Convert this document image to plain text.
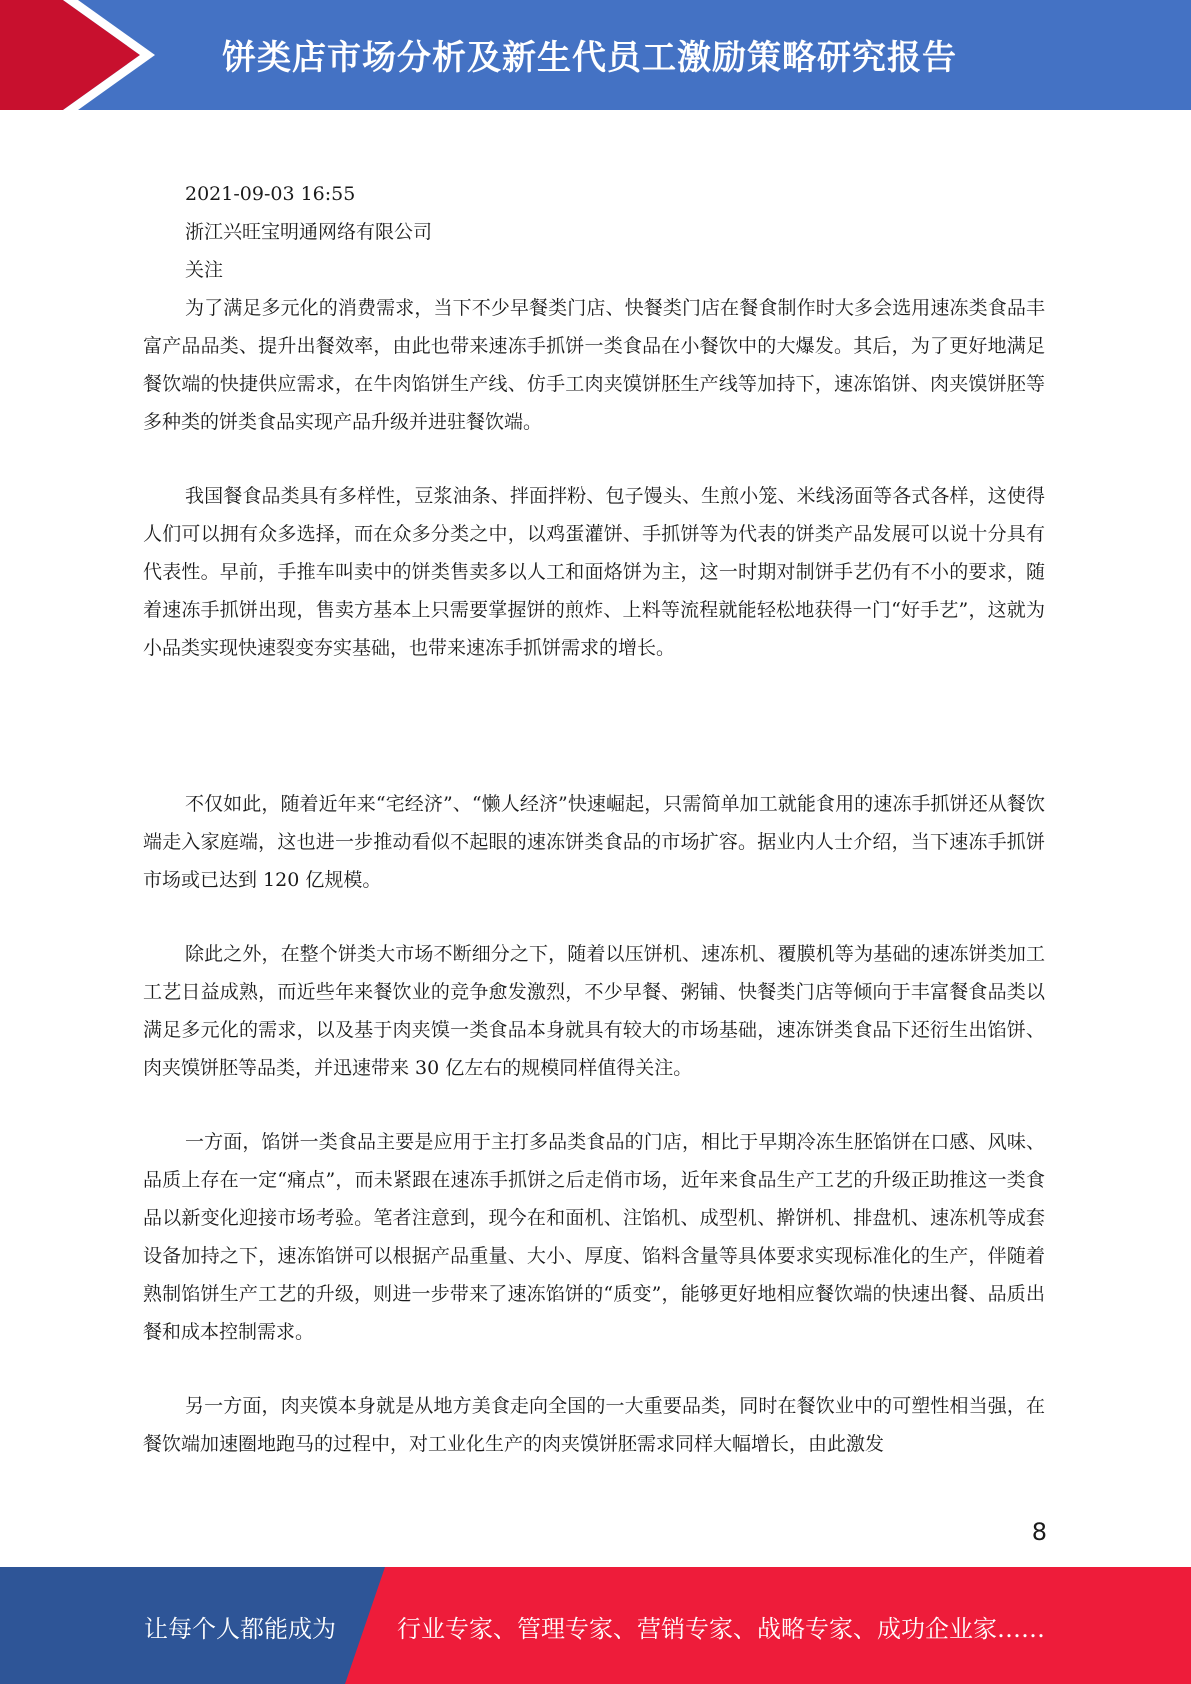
饼类店市场分析及新生代员工激励策略研究报告

2021-09-03 16:55

浙江兴旺宝明通网络有限公司

关注

为了满足多元化的消费需求，当下不少早餐类门店、快餐类门店在餐食制作时大多会选用速冻类食品丰富产品品类、提升出餐效率，由此也带来速冻手抓饼一类食品在小餐饮中的大爆发。其后，为了更好地满足餐饮端的快捷供应需求，在牛肉馅饼生产线、仿手工肉夹馍饼胚生产线等加持下，速冻馅饼、肉夹馍饼胚等多种类的饼类食品实现产品升级并进驻餐饮端。

我国餐食品类具有多样性，豆浆油条、拌面拌粉、包子馒头、生煎小笼、米线汤面等各式各样，这使得人们可以拥有众多选择，而在众多分类之中，以鸡蛋灌饼、手抓饼等为代表的饼类产品发展可以说十分具有代表性。早前，手推车叫卖中的饼类售卖多以人工和面烙饼为主，这一时期对制饼手艺仍有不小的要求，随着速冻手抓饼出现，售卖方基本上只需要掌握饼的煎炸、上料等流程就能轻松地获得一门“好手艺”，这就为小品类实现快速裂变夯实基础，也带来速冻手抓饼需求的增长。

不仅如此，随着近年来“宅经济”、“懒人经济”快速崛起，只需简单加工就能食用的速冻手抓饼还从餐饮端走入家庭端，这也进一步推动看似不起眼的速冻饼类食品的市场扩容。据业内人士介绍，当下速冻手抓饼市场或已达到 120 亿规模。

除此之外，在整个饼类大市场不断细分之下，随着以压饼机、速冻机、覆膜机等为基础的速冻饼类加工工艺日益成熟，而近些年来餐饮业的竞争愈发激烈，不少早餐、粥铺、快餐类门店等倾向于丰富餐食品类以满足多元化的需求，以及基于肉夹馍一类食品本身就具有较大的市场基础，速冻饼类食品下还衍生出馅饼、肉夹馍饼胚等品类，并迅速带来 30 亿左右的规模同样值得关注。

一方面，馅饼一类食品主要是应用于主打多品类食品的门店，相比于早期冷冻生胚馅饼在口感、风味、品质上存在一定“痛点”，而未紧跟在速冻手抓饼之后走俏市场，近年来食品生产工艺的升级正助推这一类食品以新变化迎接市场考验。笔者注意到，现今在和面机、注馅机、成型机、擀饼机、排盘机、速冻机等成套设备加持之下，速冻馅饼可以根据产品重量、大小、厚度、馅料含量等具体要求实现标准化的生产，伴随着熟制馅饼生产工艺的升级，则进一步带来了速冻馅饼的“质变”，能够更好地相应餐饮端的快速出餐、品质出餐和成本控制需求。

另一方面，肉夹馍本身就是从地方美食走向全国的一大重要品类，同时在餐饮业中的可塑性相当强，在餐饮端加速圈地跑马的过程中，对工业化生产的肉夹馍饼胚需求同样大幅增长，由此激发

8
让每个人都能成为	行业专家、管理专家、营销专家、战略专家、成功企业家……
